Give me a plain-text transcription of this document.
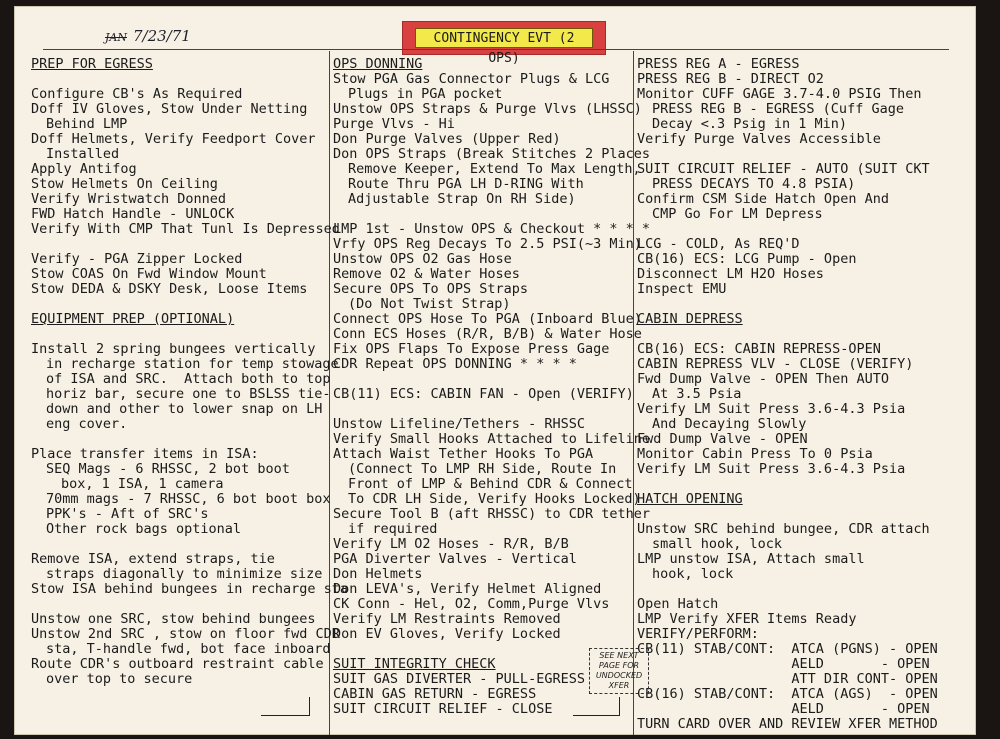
JAN 7/23/71	CONTINGENCY EVT (2 OPS)
PREP FOR EGRESS
Configure CB's As Required
Doff IV Gloves, Stow Under Netting
Behind LMP
Doff Helmets, Verify Feedport Cover
Installed
Apply Antifog
Stow Helmets On Ceiling
Verify Wristwatch Donned
FWD Hatch Handle - UNLOCK
Verify With CMP That Tunl Is Depressed
Verify - PGA Zipper Locked
Stow COAS On Fwd Window Mount
Stow DEDA & DSKY Desk, Loose Items
EQUIPMENT PREP (OPTIONAL)
Install 2 spring bungees vertically
in recharge station for temp stowage
of ISA and SRC.  Attach both to top
horiz bar, secure one to BSLSS tie-
down and other to lower snap on LH
eng cover.
Place transfer items in ISA:
SEQ Mags - 6 RHSSC, 2 bot boot
box, 1 ISA, 1 camera
70mm mags - 7 RHSSC, 6 bot boot box
PPK's - Aft of SRC's
Other rock bags optional
Remove ISA, extend straps, tie
straps diagonally to minimize size
Stow ISA behind bungees in recharge sta
Unstow one SRC, stow behind bungees
Unstow 2nd SRC , stow on floor fwd CDR
sta, T-handle fwd, bot face inboard
Route CDR's outboard restraint cable
over top to secure
OPS DONNING
Stow PGA Gas Connector Plugs & LCG
Plugs in PGA pocket
Unstow OPS Straps & Purge Vlvs (LHSSC)
Purge Vlvs - Hi
Don Purge Valves (Upper Red)
Don OPS Straps (Break Stitches 2 Places
Remove Keeper, Extend To Max Length,
Route Thru PGA LH D-RING With
Adjustable Strap On RH Side)
LMP 1st - Unstow OPS & Checkout * * * *
Vrfy OPS Reg Decays To 2.5 PSI(~3 Min)
Unstow OPS O2 Gas Hose
Remove O2 & Water Hoses
Secure OPS To OPS Straps
(Do Not Twist Strap)
Connect OPS Hose To PGA (Inboard Blue)
Conn ECS Hoses (R/R, B/B) & Water Hose
Fix OPS Flaps To Expose Press Gage
CDR Repeat OPS DONNING * * * *
CB(11) ECS: CABIN FAN - Open (VERIFY)
Unstow Lifeline/Tethers - RHSSC
Verify Small Hooks Attached to Lifeline
Attach Waist Tether Hooks To PGA
(Connect To LMP RH Side, Route In
Front of LMP & Behind CDR & Connect
To CDR LH Side, Verify Hooks Locked)
Secure Tool B (aft RHSSC) to CDR tether
if required
Verify LM O2 Hoses - R/R, B/B
PGA Diverter Valves - Vertical
Don Helmets
Don LEVA's, Verify Helmet Aligned
CK Conn - Hel, O2, Comm,Purge Vlvs
Verify LM Restraints Removed
Don EV Gloves, Verify Locked
SUIT INTEGRITY CHECK
SUIT GAS DIVERTER - PULL-EGRESS
CABIN GAS RETURN - EGRESS
SUIT CIRCUIT RELIEF - CLOSE
PRESS REG A - EGRESS
PRESS REG B - DIRECT O2
Monitor CUFF GAGE 3.7-4.0 PSIG Then
PRESS REG B - EGRESS (Cuff Gage
Decay <.3 Psig in 1 Min)
Verify Purge Valves Accessible
SUIT CIRCUIT RELIEF - AUTO (SUIT CKT
PRESS DECAYS TO 4.8 PSIA)
Confirm CSM Side Hatch Open And
CMP Go For LM Depress
LCG - COLD, As REQ'D
CB(16) ECS: LCG Pump - Open
Disconnect LM H2O Hoses
Inspect EMU
CABIN DEPRESS
CB(16) ECS: CABIN REPRESS-OPEN
CABIN REPRESS VLV - CLOSE (VERIFY)
Fwd Dump Valve - OPEN Then AUTO
At 3.5 Psia
Verify LM Suit Press 3.6-4.3 Psia
And Decaying Slowly
Fwd Dump Valve - OPEN
Monitor Cabin Press To 0 Psia
Verify LM Suit Press 3.6-4.3 Psia
HATCH OPENING
Unstow SRC behind bungee, CDR attach
small hook, lock
LMP unstow ISA, Attach small
hook, lock
Open Hatch
LMP Verify XFER Items Ready
VERIFY/PERFORM:
CB(11) STAB/CONT:  ATCA (PGNS) - OPEN
AELD       - OPEN
ATT DIR CONT- OPEN
CB(16) STAB/CONT:  ATCA (AGS)  - OPEN
AELD       - OPEN
TURN CARD OVER AND REVIEW XFER METHOD
SEE NEXT PAGE FOR UNDOCKED XFER
